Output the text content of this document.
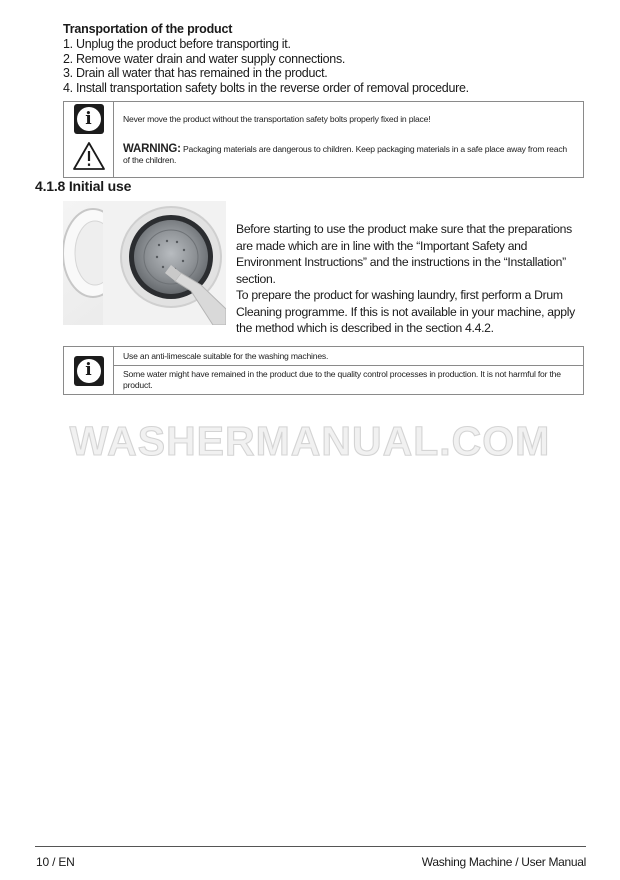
Transportation of the product
1. Unplug the product before transporting it.
2. Remove water drain and water supply connections.
3. Drain all water that has remained in the product.
4. Install transportation safety bolts in the reverse order of removal procedure.
i	Never move the product without the transportation safety bolts properly fixed in place!
WARNING: Packaging materials are dangerous to children. Keep packaging materials in a safe place away from reach of the children.
4.1.8 Initial use

Before starting to use the product make sure that the preparations are made which are in line with the “Important Safety and Environment Instructions” and the instructions in the “Installation” section.

To prepare the product for washing laundry, first perform a Drum Cleaning programme. If this is not available in your machine, apply the method which is described in the section 4.4.2.

i
Use an anti-limescale suitable for the washing machines.
Some water might have remained in the product due to the quality control processes in production. It is not harmful for the product.
WASHERMANUAL.COM
10 / EN	Washing Machine / User Manual
